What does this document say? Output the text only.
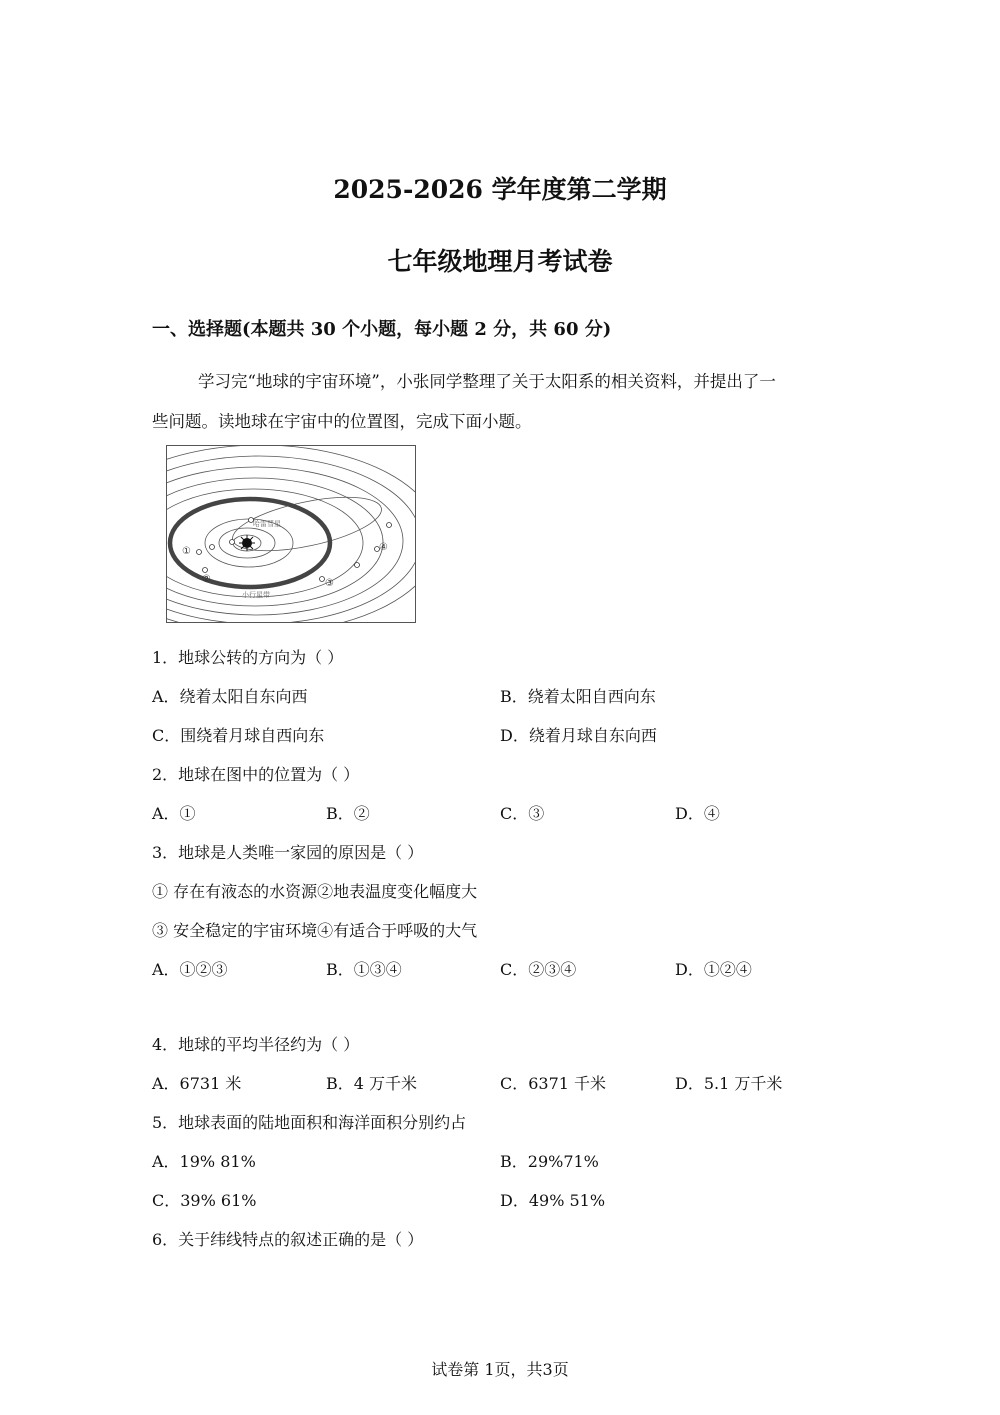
2025-2026 学年度第二学期
七年级地理月考试卷
一、选择题(本题共 30 个小题，每小题 2 分，共 60 分)
学习完“地球的宇宙环境”，小张同学整理了关于太阳系的相关资料，并提出了一
些问题。读地球在宇宙中的位置图，完成下面小题。
哈雷彗星
小行星带
①
②	③
④
1．地球公转的方向为（ ）
A．绕着太阳自东向西	B．绕着太阳自西向东
C．围绕着月球自西向东	D．绕着月球自东向西
2．地球在图中的位置为（ ）
A．①	B．②	C．③	D．④
3．地球是人类唯一家园的原因是（ ）
① 存在有液态的水资源②地表温度变化幅度大
③ 安全稳定的宇宙环境④有适合于呼吸的大气
A．①②③	B．①③④	C．②③④	D．①②④
4．地球的平均半径约为（ ）
A．6731 米	B．4 万千米	C．6371 千米	D．5.1 万千米
5．地球表面的陆地面积和海洋面积分别约占
A．19% 81%	B．29%71%
C．39% 61%	D．49% 51%
6．关于纬线特点的叙述正确的是（ ）
试卷第 1页，共3页
